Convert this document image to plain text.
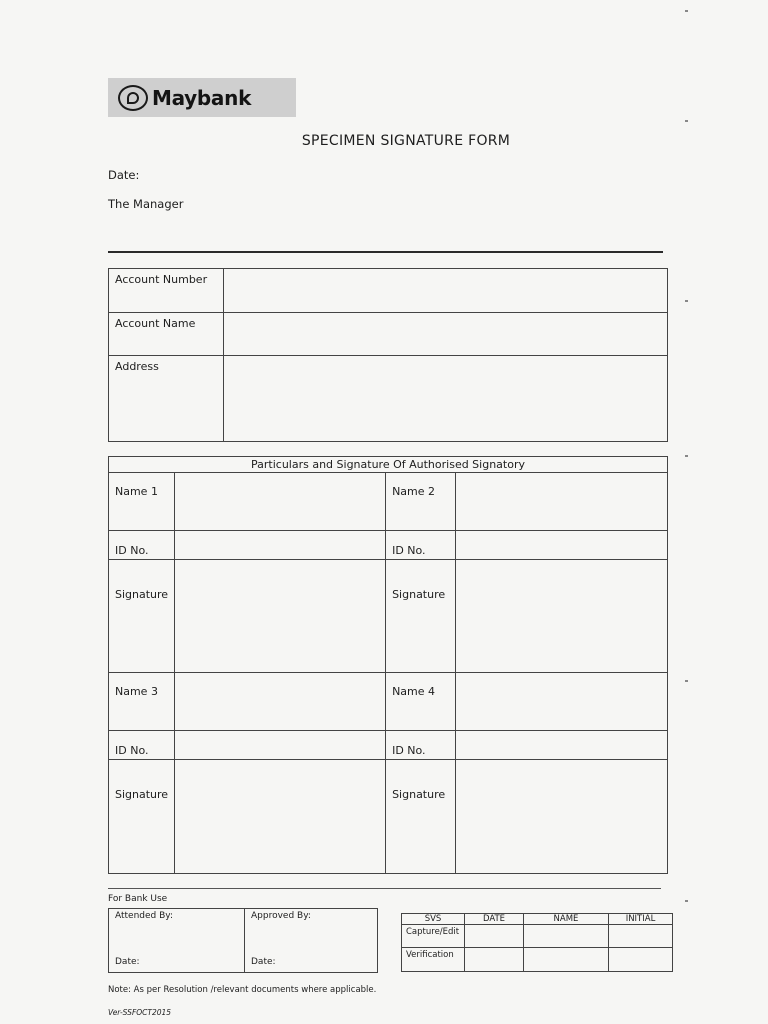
Maybank
SPECIMEN SIGNATURE FORM
Date:
The Manager
Account Number	
Account Name	
Address	
Particulars and Signature Of Authorised Signatory			
Name 1		Name 2	
ID No.		ID No.	
Signature		Signature	
Name 3		Name 4	
ID No.		ID No.	
Signature		Signature	
For Bank Use
Attended By:	Approved By:
Date:	Date:
SVS	DATE	NAME	INITIAL
Capture/Edit			
Verification			
Note: As per Resolution /relevant documents where applicable.
Ver-SSFOCT2015
